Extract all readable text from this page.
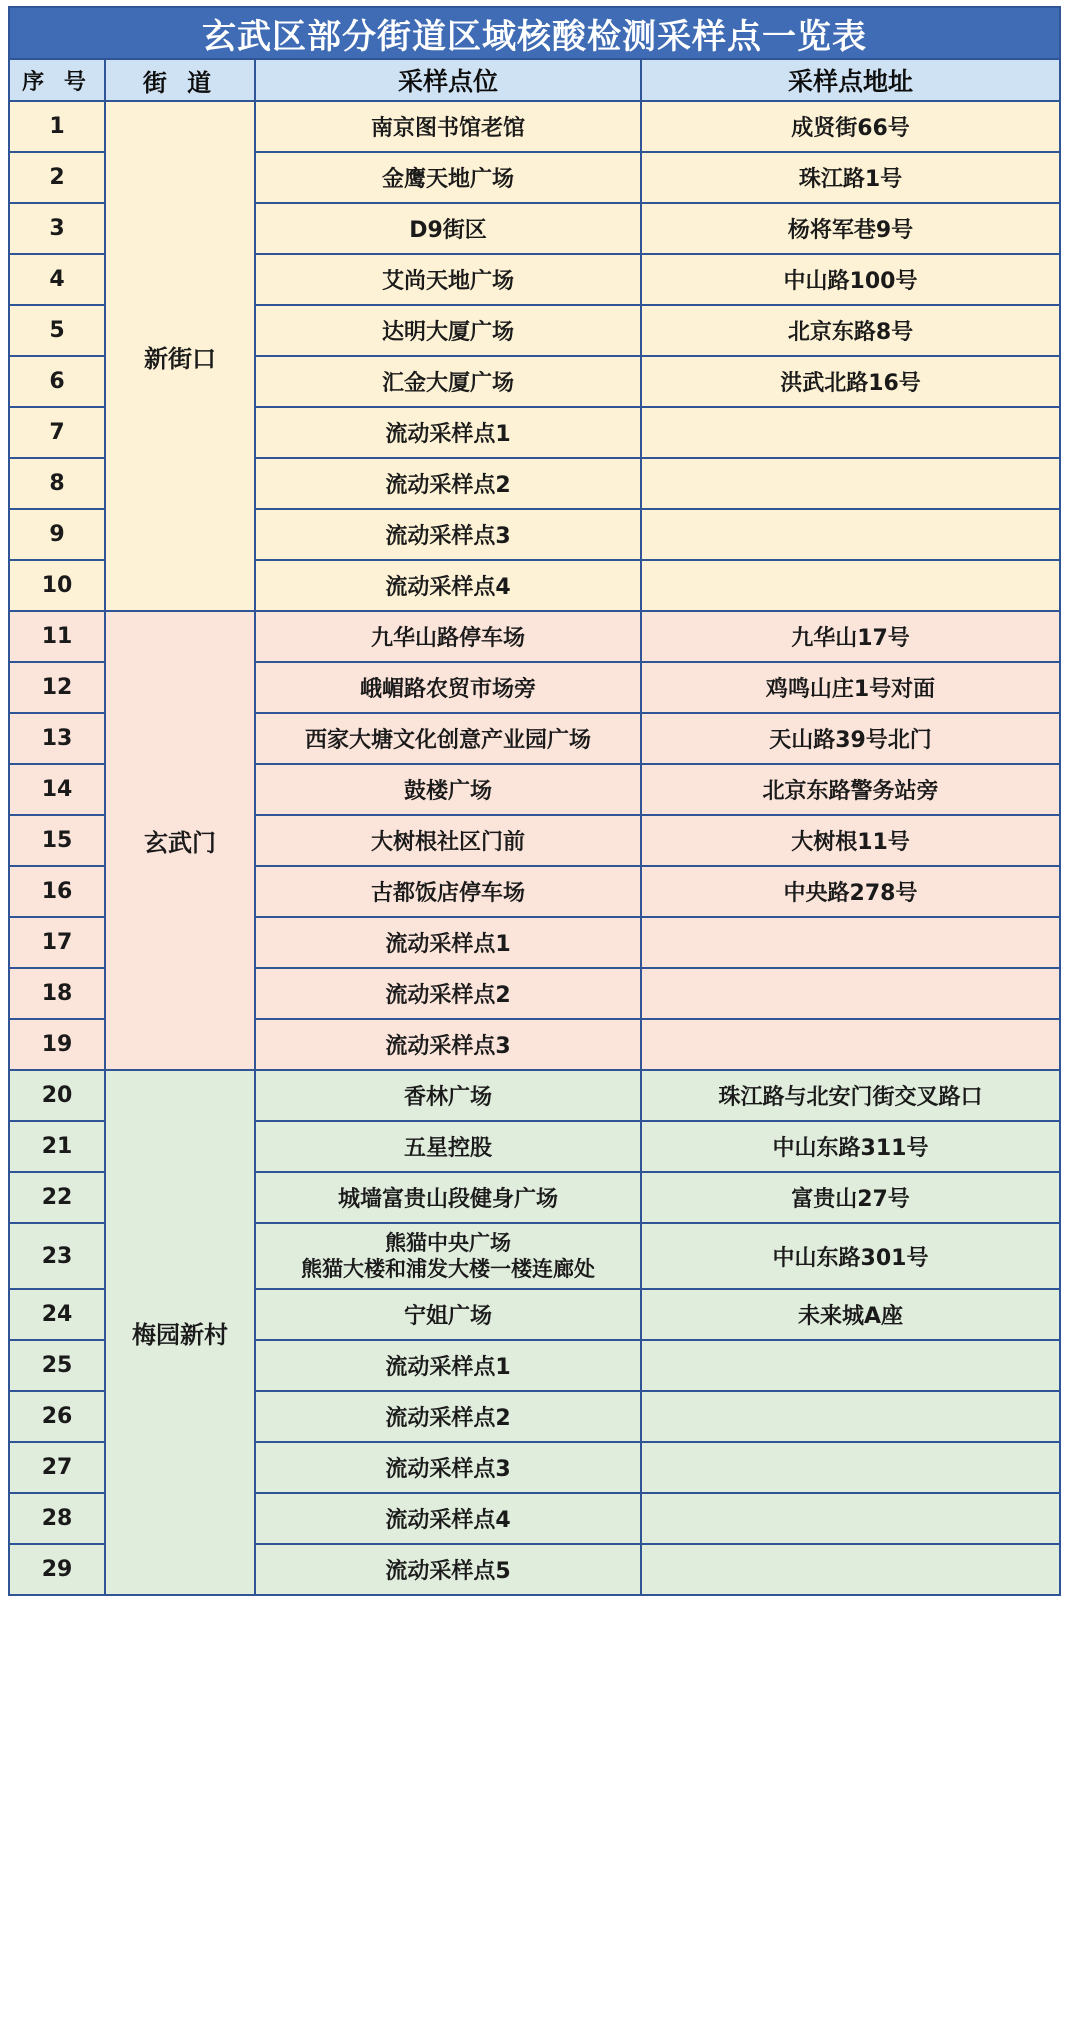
玄武区部分街道区域核酸检测采样点一览表			
序 号	街 道	采样点位	采样点地址
1	新街口	南京图书馆老馆	成贤街66号
2		金鹰天地广场	珠江路1号
3		D9街区	杨将军巷9号
4		艾尚天地广场	中山路100号
5		达明大厦广场	北京东路8号
6		汇金大厦广场	洪武北路16号
7		流动采样点1	
8		流动采样点2	
9		流动采样点3	
10		流动采样点4	
11	玄武门	九华山路停车场	九华山17号
12		峨嵋路农贸市场旁	鸡鸣山庄1号对面
13		西家大塘文化创意产业园广场	天山路39号北门
14		鼓楼广场	北京东路警务站旁
15		大树根社区门前	大树根11号
16		古都饭店停车场	中央路278号
17		流动采样点1	
18		流动采样点2	
19		流动采样点3	
20	梅园新村	香林广场	珠江路与北安门街交叉路口
21		五星控股	中山东路311号
22		城墙富贵山段健身广场	富贵山27号
23		熊猫中央广场
熊猫大楼和浦发大楼一楼连廊处	中山东路301号
24		宁姐广场	未来城A座
25		流动采样点1	
26		流动采样点2	
27		流动采样点3	
28		流动采样点4	
29		流动采样点5	
